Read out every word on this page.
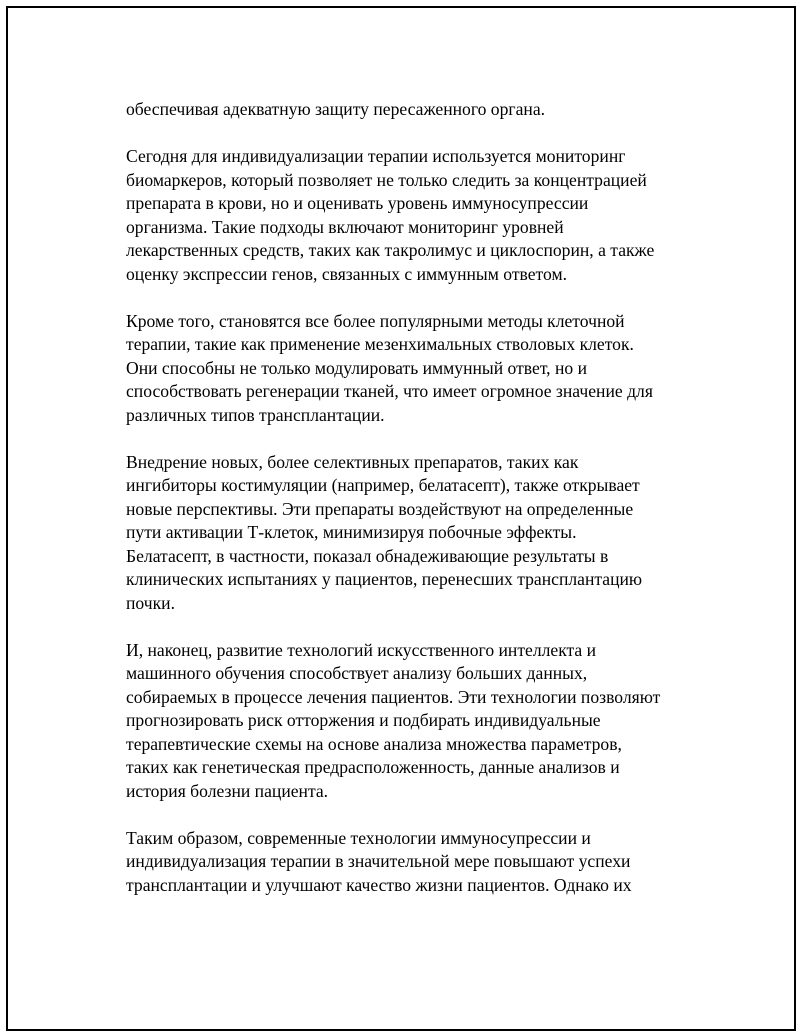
обеспечивая адекватную защиту пересаженного органа.

Сегодня для индивидуализации терапии используется мониторинг
биомаркеров, который позволяет не только следить за концентрацией
препарата в крови, но и оценивать уровень иммуносупрессии
организма. Такие подходы включают мониторинг уровней
лекарственных средств, таких как такролимус и циклоспорин, а также
оценку экспрессии генов, связанных с иммунным ответом.

Кроме того, становятся все более популярными методы клеточной
терапии, такие как применение мезенхимальных стволовых клеток.
Они способны не только модулировать иммунный ответ, но и
способствовать регенерации тканей, что имеет огромное значение для
различных типов трансплантации.

Внедрение новых, более селективных препаратов, таких как
ингибиторы костимуляции (например, белатасепт), также открывает
новые перспективы. Эти препараты воздействуют на определенные
пути активации Т-клеток, минимизируя побочные эффекты.
Белатасепт, в частности, показал обнадеживающие результаты в
клинических испытаниях у пациентов, перенесших трансплантацию
почки.

И, наконец, развитие технологий искусственного интеллекта и
машинного обучения способствует анализу больших данных,
собираемых в процессе лечения пациентов. Эти технологии позволяют
прогнозировать риск отторжения и подбирать индивидуальные
терапевтические схемы на основе анализа множества параметров,
таких как генетическая предрасположенность, данные анализов и
история болезни пациента.

Таким образом, современные технологии иммуносупрессии и
индивидуализация терапии в значительной мере повышают успехи
трансплантации и улучшают качество жизни пациентов. Однако их
